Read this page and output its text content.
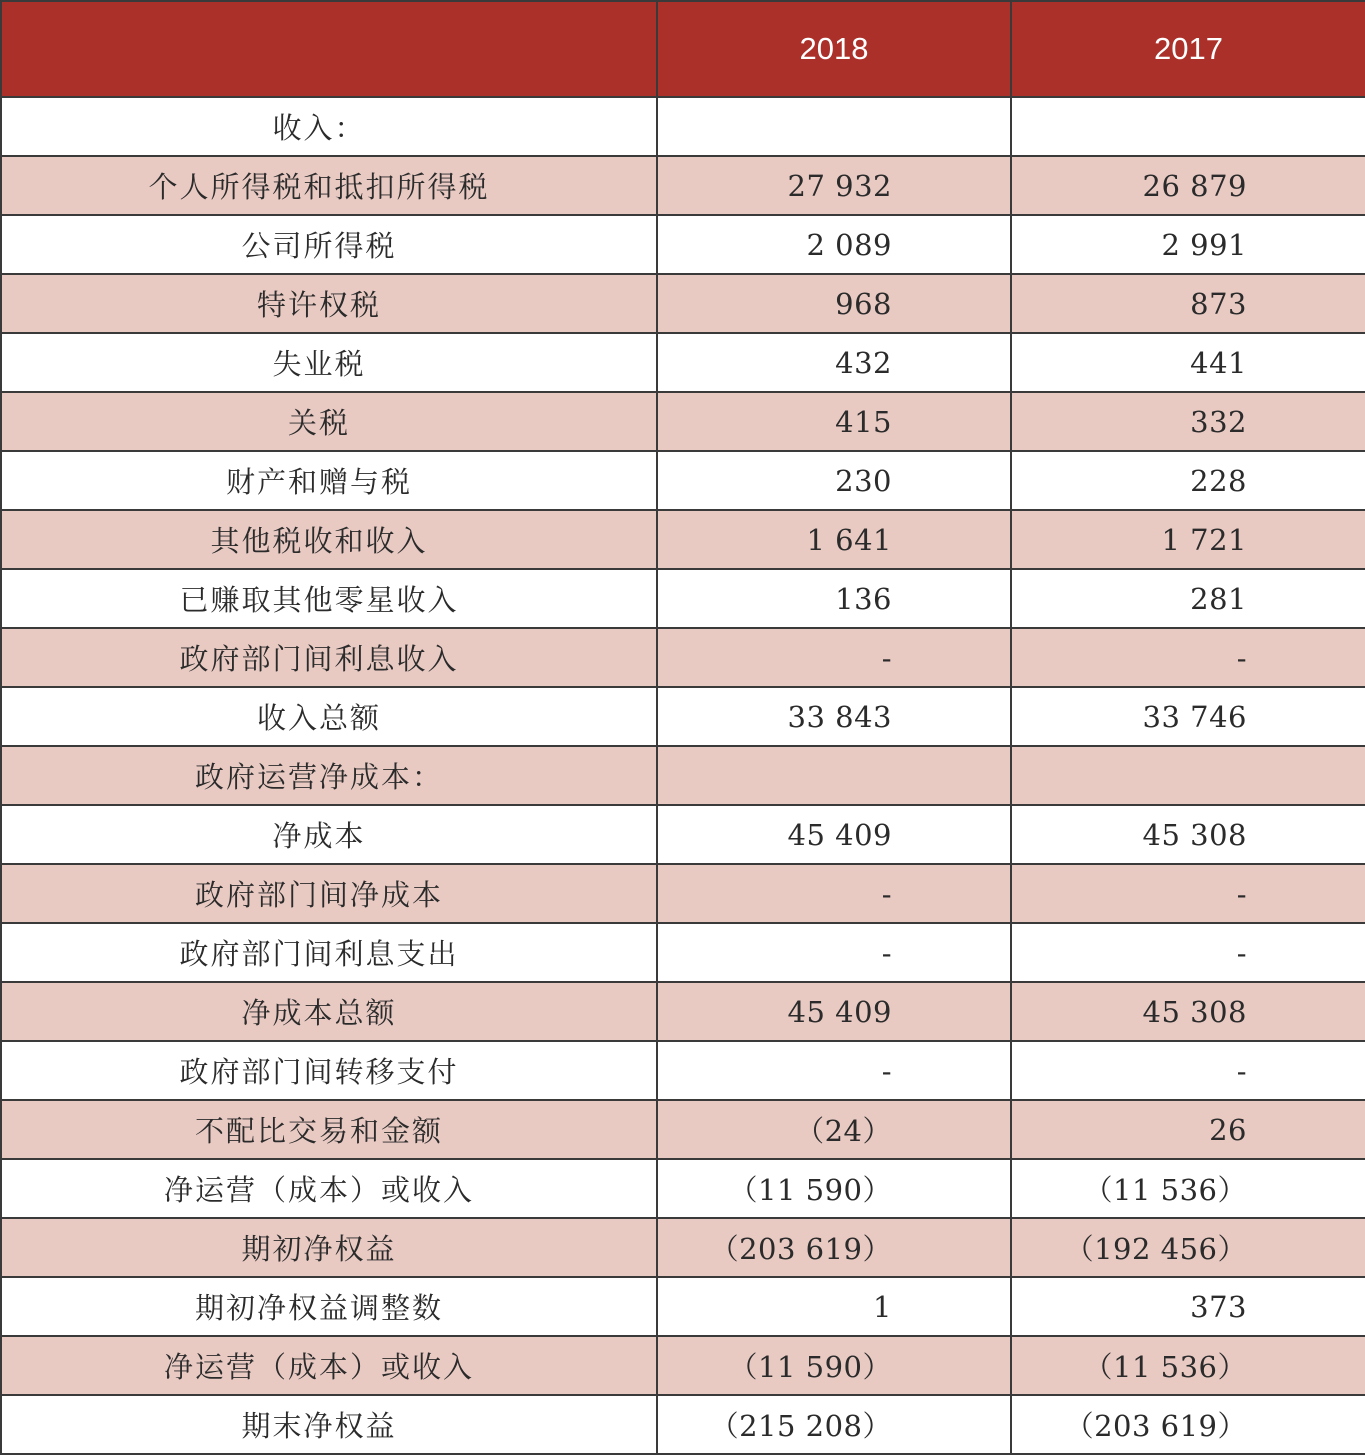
	2018	2017
收入：		
个人所得税和抵扣所得税	27 932	26 879
公司所得税	2 089	2 991
特许权税	968	873
失业税	432	441
关税	415	332
财产和赠与税	230	228
其他税收和收入	1 641	1 721
已赚取其他零星收入	136	281
政府部门间利息收入	-	-
收入总额	33 843	33 746
政府运营净成本：		
净成本	45 409	45 308
政府部门间净成本	-	-
政府部门间利息支出	-	-
净成本总额	45 409	45 308
政府部门间转移支付	-	-
不配比交易和金额	（24）	26
净运营（成本）或收入	（11 590）	（11 536）
期初净权益	（203 619）	（192 456）
期初净权益调整数	1	373
净运营（成本）或收入	（11 590）	（11 536）
期末净权益	（215 208）	（203 619）
